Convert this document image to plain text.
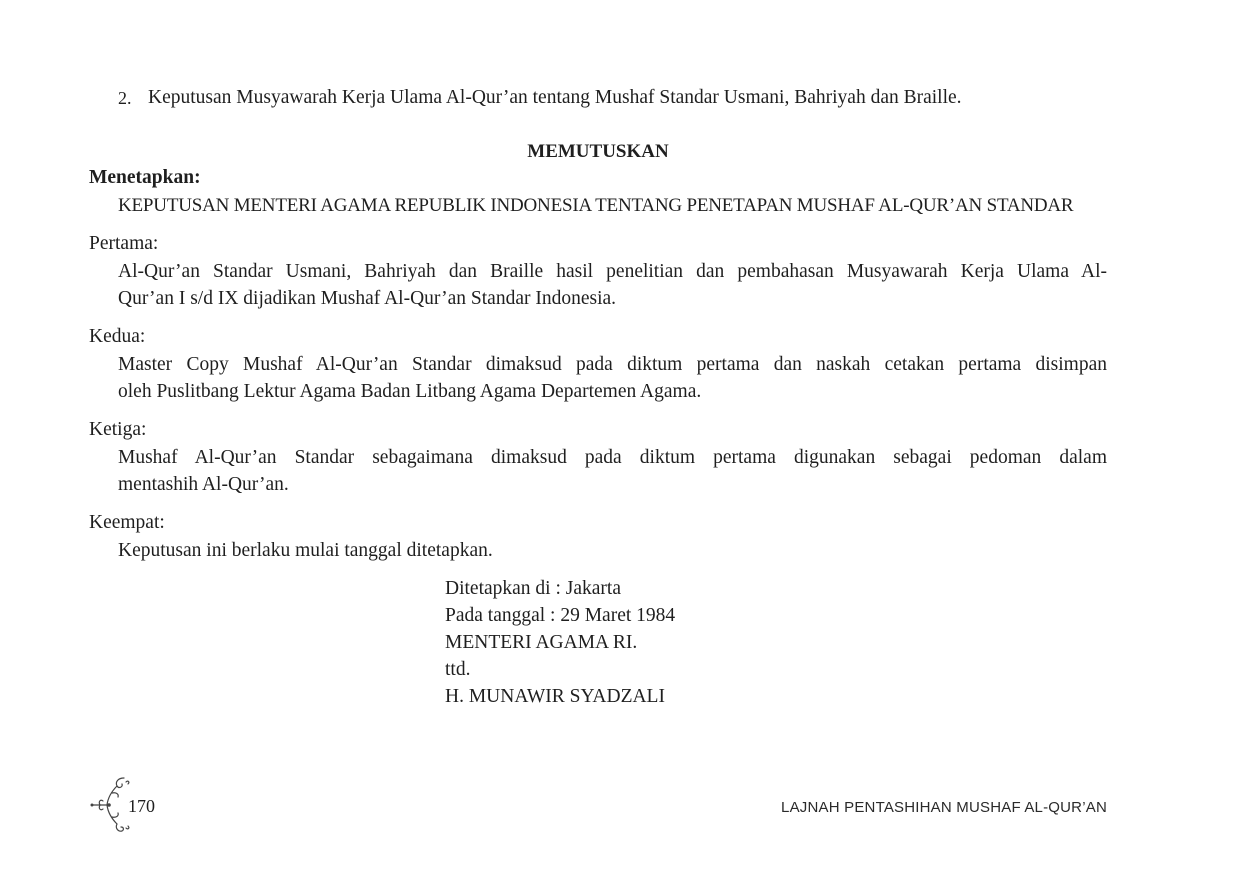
2. Keputusan Musyawarah Kerja Ulama Al-Qur’an tentang Mushaf Standar Usmani, Bahriyah dan Braille.
MEMUTUSKAN
Menetapkan:
KEPUTUSAN MENTERI AGAMA REPUBLIK INDONESIA TENTANG PENETAPAN MUSHAF AL-QUR’AN STANDAR
Pertama:
Al-Qur’an Standar Usmani, Bahriyah dan Braille hasil penelitian dan pembahasan Musyawarah Kerja Ulama Al-
Qur’an I s/d IX dijadikan Mushaf Al-Qur’an Standar Indonesia.
Kedua:
Master Copy Mushaf Al-Qur’an Standar dimaksud pada diktum pertama dan naskah cetakan pertama disimpan
oleh Puslitbang Lektur Agama Badan Litbang Agama Departemen Agama.
Ketiga:
Mushaf Al-Qur’an Standar sebagaimana dimaksud pada diktum pertama digunakan sebagai pedoman dalam
mentashih Al-Qur’an.
Keempat:
Keputusan ini berlaku mulai tanggal ditetapkan.
Ditetapkan di : Jakarta
Pada tanggal : 29 Maret 1984
MENTERI AGAMA RI.
ttd.
H. MUNAWIR SYADZALI
170	LAJNAH PENTASHIHAN MUSHAF AL-QUR’AN
